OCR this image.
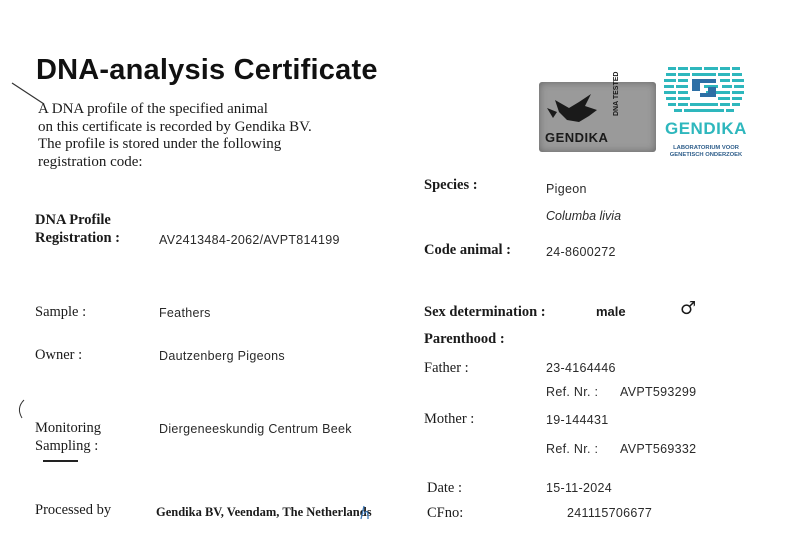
DNA-analysis Certificate
A DNA profile of the specified animal
on this certificate is recorded by Gendika BV.
The profile is stored under the following
registration code:
GENDIKA
DNA TESTED
GENDIKA
LABORATORIUM VOOR
GENETISCH ONDERZOEK
DNA Profile
Registration :	AV2413484-2062/AVPT814199
Sample :	Feathers
Owner :	Dautzenberg Pigeons
Monitoring
Sampling :
Diergeneeskundig Centrum Beek
Processed by	Gendika BV, Veendam, The Netherlands
Species :	Pigeon
Columba livia
Code animal :	24-8600272
Sex determination :	male	♂
Parenthood :
Father :	23-4164446
Ref. Nr. : AVPT593299
Mother :	19-144431
Ref. Nr. : AVPT569332
Date :	15-11-2024
CFno:	241115706677
